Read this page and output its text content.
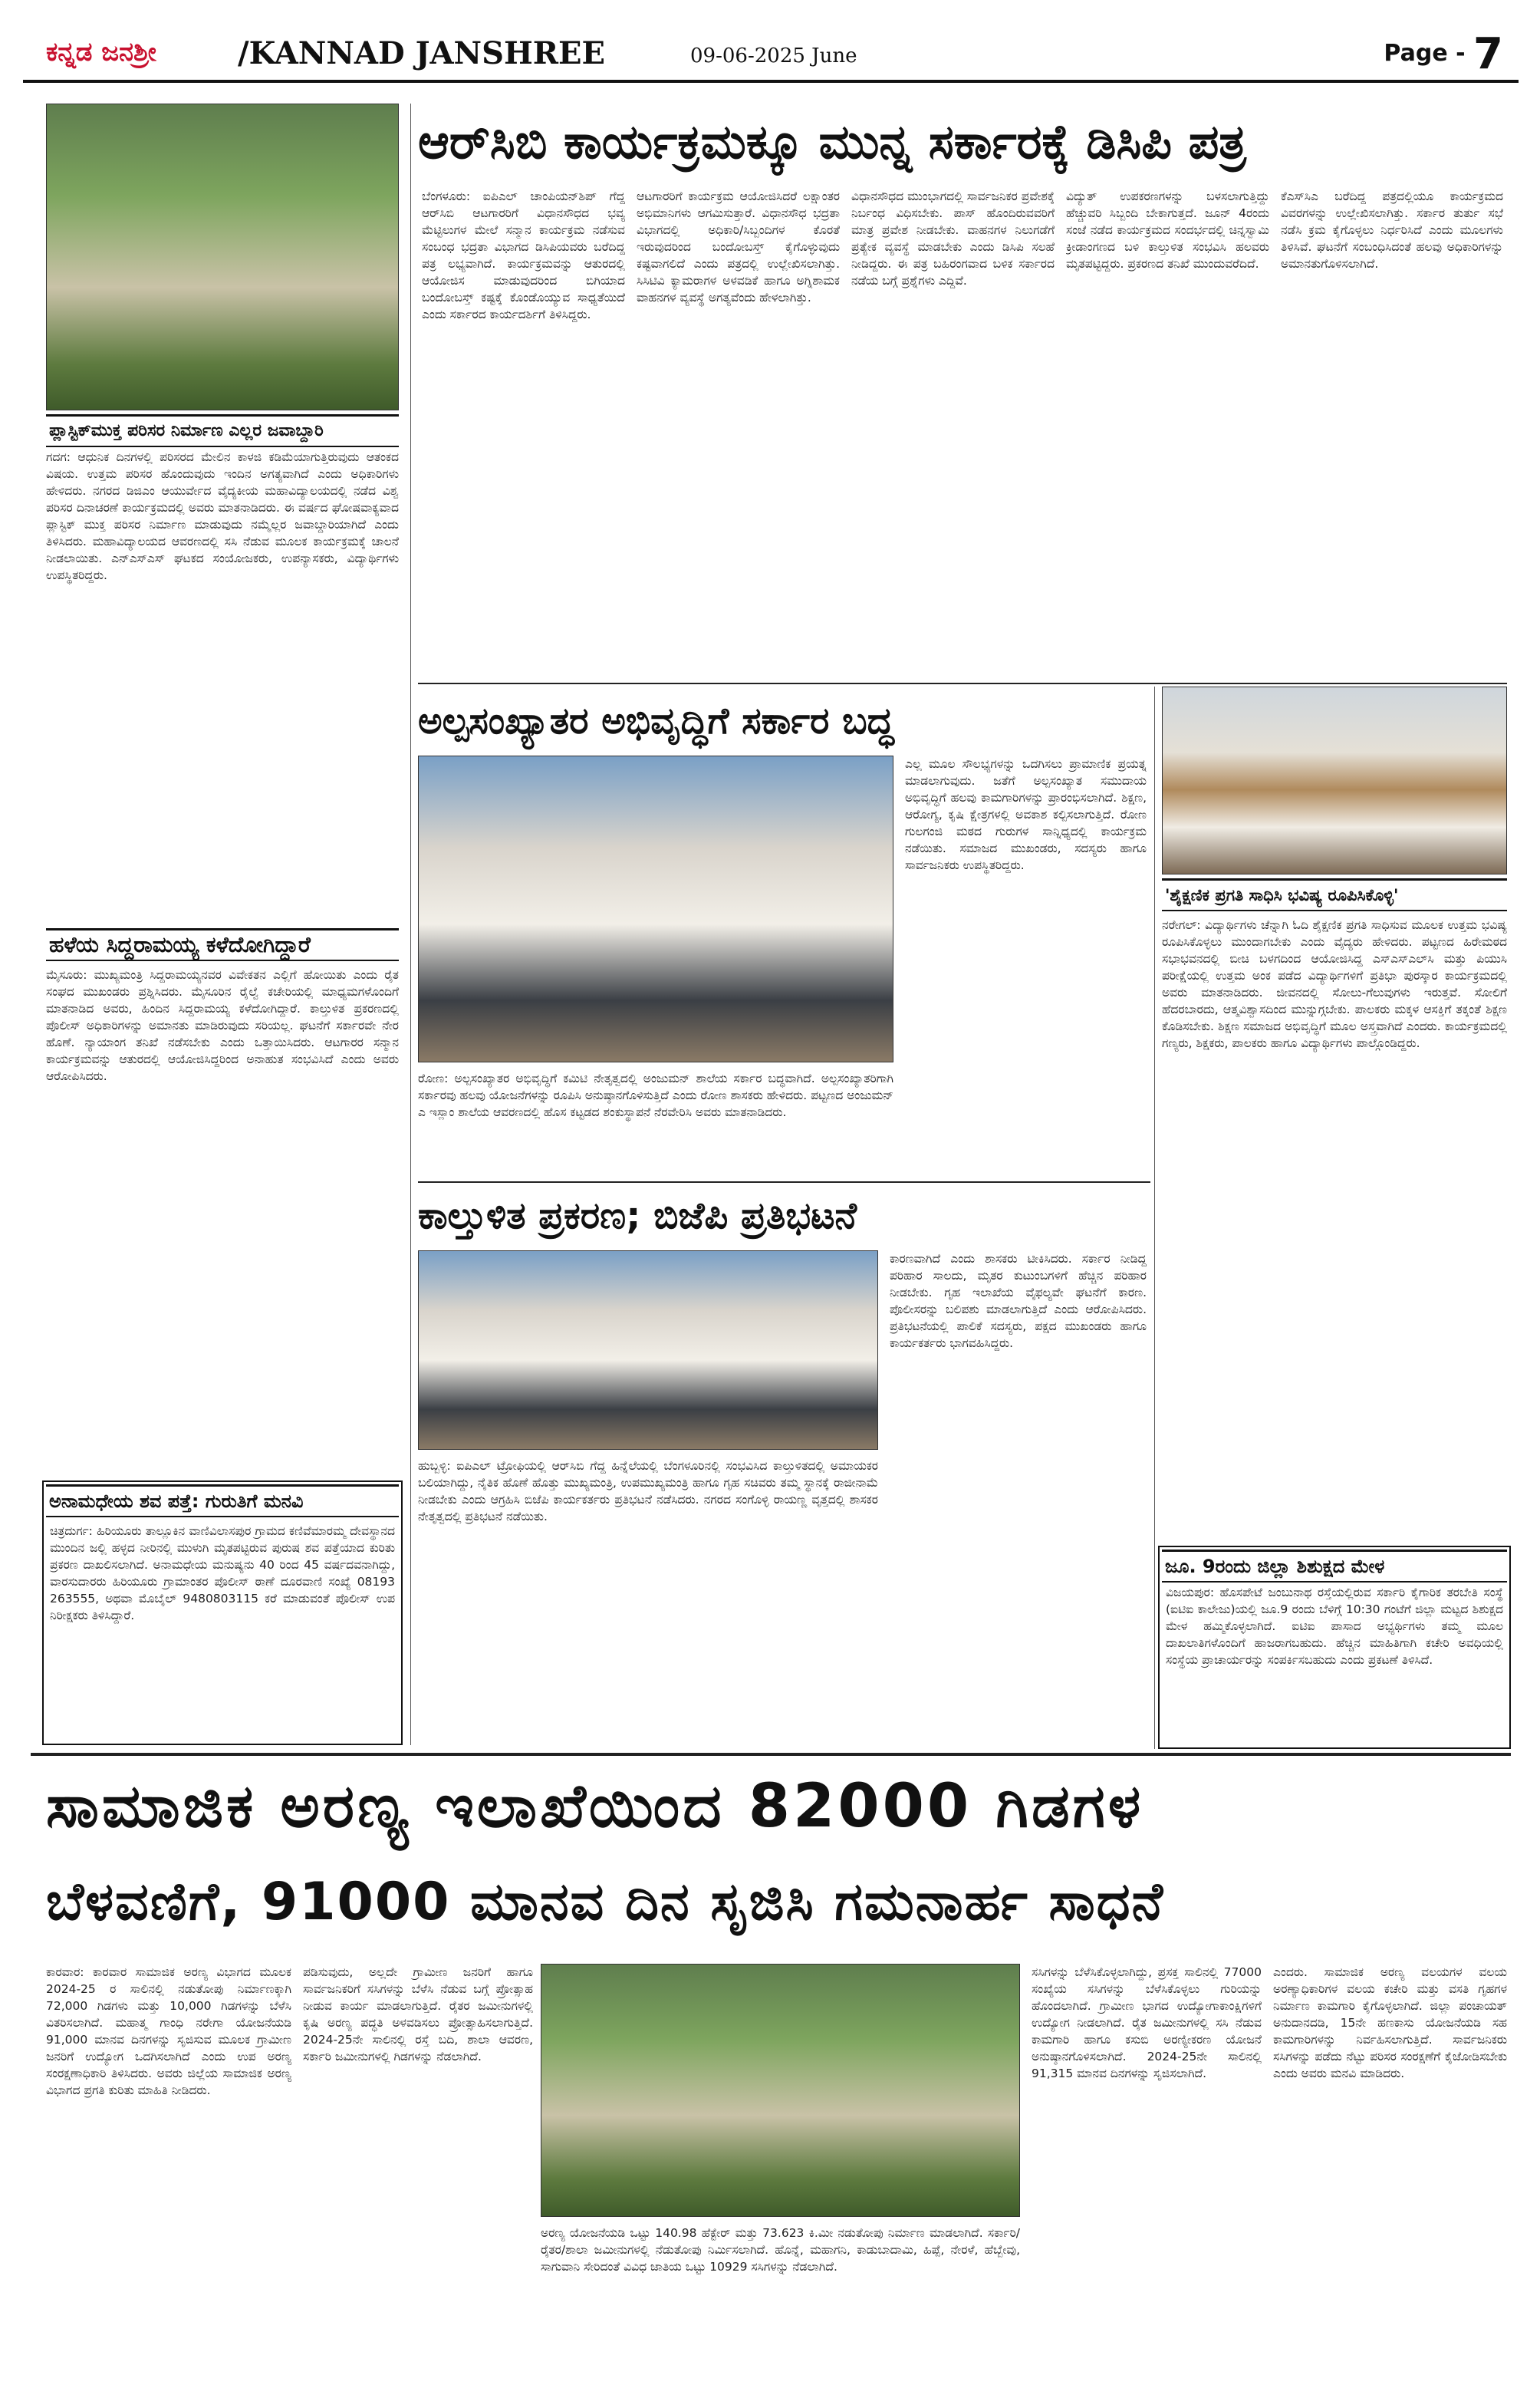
ಕನ್ನಡ ಜನಶ್ರೀ	/KANNAD JANSHREE	09-06-2025 June	Page - 7
ಪ್ಲಾಸ್ಟಿಕ್‌ಮುಕ್ತ ಪರಿಸರ ನಿರ್ಮಾಣ ಎಲ್ಲರ ಜವಾಬ್ದಾರಿ
ಗದಗ: ಆಧುನಿಕ ದಿನಗಳಲ್ಲಿ ಪರಿಸರದ ಮೇಲಿನ ಕಾಳಜಿ ಕಡಿಮೆಯಾಗುತ್ತಿರುವುದು ಆತಂಕದ ವಿಷಯ. ಉತ್ತಮ ಪರಿಸರ ಹೊಂದುವುದು ಇಂದಿನ ಅಗತ್ಯವಾಗಿದೆ ಎಂದು ಅಧಿಕಾರಿಗಳು ಹೇಳಿದರು. ನಗರದ ಡಿಜಿಎಂ ಆಯುರ್ವೇದ ವೈದ್ಯಕೀಯ ಮಹಾವಿದ್ಯಾಲಯದಲ್ಲಿ ನಡೆದ ವಿಶ್ವ ಪರಿಸರ ದಿನಾಚರಣೆ ಕಾರ್ಯಕ್ರಮದಲ್ಲಿ ಅವರು ಮಾತನಾಡಿದರು. ಈ ವರ್ಷದ ಘೋಷವಾಕ್ಯವಾದ ಪ್ಲಾಸ್ಟಿಕ್ ಮುಕ್ತ ಪರಿಸರ ನಿರ್ಮಾಣ ಮಾಡುವುದು ನಮ್ಮೆಲ್ಲರ ಜವಾಬ್ದಾರಿಯಾಗಿದೆ ಎಂದು ತಿಳಿಸಿದರು. ಮಹಾವಿದ್ಯಾಲಯದ ಆವರಣದಲ್ಲಿ ಸಸಿ ನೆಡುವ ಮೂಲಕ ಕಾರ್ಯಕ್ರಮಕ್ಕೆ ಚಾಲನೆ ನೀಡಲಾಯಿತು. ಎನ್‌ಎಸ್‌ಎಸ್ ಘಟಕದ ಸಂಯೋಜಕರು, ಉಪನ್ಯಾಸಕರು, ವಿದ್ಯಾರ್ಥಿಗಳು ಉಪಸ್ಥಿತರಿದ್ದರು.
ಹಳೆಯ ಸಿದ್ದರಾಮಯ್ಯ ಕಳೆದೋಗಿದ್ದಾರೆ
ಮೈಸೂರು: ಮುಖ್ಯಮಂತ್ರಿ ಸಿದ್ದರಾಮಯ್ಯನವರ ವಿವೇಕತನ ಎಲ್ಲಿಗೆ ಹೋಯಿತು ಎಂದು ರೈತ ಸಂಘದ ಮುಖಂಡರು ಪ್ರಶ್ನಿಸಿದರು. ಮೈಸೂರಿನ ರೈಲ್ವೆ ಕಚೇರಿಯಲ್ಲಿ ಮಾಧ್ಯಮಗಳೊಂದಿಗೆ ಮಾತನಾಡಿದ ಅವರು, ಹಿಂದಿನ ಸಿದ್ದರಾಮಯ್ಯ ಕಳೆದೋಗಿದ್ದಾರೆ. ಕಾಲ್ತುಳಿತ ಪ್ರಕರಣದಲ್ಲಿ ಪೊಲೀಸ್ ಅಧಿಕಾರಿಗಳನ್ನು ಅಮಾನತು ಮಾಡಿರುವುದು ಸರಿಯಲ್ಲ. ಘಟನೆಗೆ ಸರ್ಕಾರವೇ ನೇರ ಹೊಣೆ. ನ್ಯಾಯಾಂಗ ತನಿಖೆ ನಡೆಸಬೇಕು ಎಂದು ಒತ್ತಾಯಿಸಿದರು. ಆಟಗಾರರ ಸನ್ಮಾನ ಕಾರ್ಯಕ್ರಮವನ್ನು ಆತುರದಲ್ಲಿ ಆಯೋಜಿಸಿದ್ದರಿಂದ ಅನಾಹುತ ಸಂಭವಿಸಿದೆ ಎಂದು ಅವರು ಆರೋಪಿಸಿದರು.
ಅನಾಮಧೇಯ ಶವ ಪತ್ತೆ: ಗುರುತಿಗೆ ಮನವಿ
ಚಿತ್ರದುರ್ಗ: ಹಿರಿಯೂರು ತಾಲ್ಲೂಕಿನ ವಾಣಿವಿಲಾಸಪುರ ಗ್ರಾಮದ ಕಣಿವೆಮಾರಮ್ಮ ದೇವಸ್ಥಾನದ ಮುಂದಿನ ಜಲ್ಲಿ ಹಳ್ಳದ ನೀರಿನಲ್ಲಿ ಮುಳುಗಿ ಮೃತಪಟ್ಟಿರುವ ಪುರುಷ ಶವ ಪತ್ತೆಯಾದ ಕುರಿತು ಪ್ರಕರಣ ದಾಖಲಿಸಲಾಗಿದೆ. ಅನಾಮಧೇಯ ಮನುಷ್ಯನು 40 ರಿಂದ 45 ವರ್ಷದವನಾಗಿದ್ದು, ವಾರಸುದಾರರು ಹಿರಿಯೂರು ಗ್ರಾಮಾಂತರ ಪೊಲೀಸ್ ಠಾಣೆ ದೂರವಾಣಿ ಸಂಖ್ಯೆ 08193 263555, ಅಥವಾ ಮೊಬೈಲ್ 9480803115 ಕರೆ ಮಾಡುವಂತೆ ಪೊಲೀಸ್ ಉಪ ನಿರೀಕ್ಷಕರು ತಿಳಿಸಿದ್ದಾರೆ.
ಆರ್‌ಸಿಬಿ ಕಾರ್ಯಕ್ರಮಕ್ಕೂ ಮುನ್ನ ಸರ್ಕಾರಕ್ಕೆ ಡಿಸಿಪಿ ಪತ್ರ
ಬೆಂಗಳೂರು: ಐಪಿಎಲ್ ಚಾಂಪಿಯನ್‌ಶಿಪ್ ಗೆದ್ದ ಆರ್‌ಸಿಬಿ ಆಟಗಾರರಿಗೆ ವಿಧಾನಸೌಧದ ಭವ್ಯ ಮೆಟ್ಟಿಲುಗಳ ಮೇಲೆ ಸನ್ಮಾನ ಕಾರ್ಯಕ್ರಮ ನಡೆಸುವ ಸಂಬಂಧ ಭದ್ರತಾ ವಿಭಾಗದ ಡಿಸಿಪಿಯವರು ಬರೆದಿದ್ದ ಪತ್ರ ಲಭ್ಯವಾಗಿದೆ. ಕಾರ್ಯಕ್ರಮವನ್ನು ಆತುರದಲ್ಲಿ ಆಯೋಜಿಸ ಮಾಡುವುದರಿಂದ ಬಿಗಿಯಾದ ಬಂದೋಬಸ್ತ್ ಕಷ್ಟಕ್ಕೆ ಕೊಂಡೊಯ್ಯುವ ಸಾಧ್ಯತೆಯಿದೆ ಎಂದು ಸರ್ಕಾರದ ಕಾರ್ಯದರ್ಶಿಗೆ ತಿಳಿಸಿದ್ದರು.
ಆಟಗಾರರಿಗೆ ಕಾರ್ಯಕ್ರಮ ಆಯೋಜಿಸಿದರೆ ಲಕ್ಷಾಂತರ ಅಭಿಮಾನಿಗಳು ಆಗಮಿಸುತ್ತಾರೆ. ವಿಧಾನಸೌಧ ಭದ್ರತಾ ವಿಭಾಗದಲ್ಲಿ ಅಧಿಕಾರಿ/ಸಿಬ್ಬಂದಿಗಳ ಕೊರತೆ ಇರುವುದರಿಂದ ಬಂದೋಬಸ್ತ್ ಕೈಗೊಳ್ಳುವುದು ಕಷ್ಟವಾಗಲಿದೆ ಎಂದು ಪತ್ರದಲ್ಲಿ ಉಲ್ಲೇಖಿಸಲಾಗಿತ್ತು. ಸಿಸಿಟಿವಿ ಕ್ಯಾಮರಾಗಳ ಅಳವಡಿಕೆ ಹಾಗೂ ಅಗ್ನಿಶಾಮಕ ವಾಹನಗಳ ವ್ಯವಸ್ಥೆ ಅಗತ್ಯವೆಂದು ಹೇಳಲಾಗಿತ್ತು.
ವಿಧಾನಸೌಧದ ಮುಂಭಾಗದಲ್ಲಿ ಸಾರ್ವಜನಿಕರ ಪ್ರವೇಶಕ್ಕೆ ನಿರ್ಬಂಧ ವಿಧಿಸಬೇಕು. ಪಾಸ್ ಹೊಂದಿರುವವರಿಗೆ ಮಾತ್ರ ಪ್ರವೇಶ ನೀಡಬೇಕು. ವಾಹನಗಳ ನಿಲುಗಡೆಗೆ ಪ್ರತ್ಯೇಕ ವ್ಯವಸ್ಥೆ ಮಾಡಬೇಕು ಎಂದು ಡಿಸಿಪಿ ಸಲಹೆ ನೀಡಿದ್ದರು. ಈ ಪತ್ರ ಬಹಿರಂಗವಾದ ಬಳಿಕ ಸರ್ಕಾರದ ನಡೆಯ ಬಗ್ಗೆ ಪ್ರಶ್ನೆಗಳು ಎದ್ದಿವೆ.
ವಿದ್ಯುತ್ ಉಪಕರಣಗಳನ್ನು ಬಳಸಲಾಗುತ್ತಿದ್ದು ಹೆಚ್ಚುವರಿ ಸಿಬ್ಬಂದಿ ಬೇಕಾಗುತ್ತದೆ. ಜೂನ್ 4ರಂದು ಸಂಜೆ ನಡೆದ ಕಾರ್ಯಕ್ರಮದ ಸಂದರ್ಭದಲ್ಲಿ ಚಿನ್ನಸ್ವಾಮಿ ಕ್ರೀಡಾಂಗಣದ ಬಳಿ ಕಾಲ್ತುಳಿತ ಸಂಭವಿಸಿ ಹಲವರು ಮೃತಪಟ್ಟಿದ್ದರು. ಪ್ರಕರಣದ ತನಿಖೆ ಮುಂದುವರೆದಿದೆ.
ಕೆಎಸ್‌ಸಿಎ ಬರೆದಿದ್ದ ಪತ್ರದಲ್ಲಿಯೂ ಕಾರ್ಯಕ್ರಮದ ವಿವರಗಳನ್ನು ಉಲ್ಲೇಖಿಸಲಾಗಿತ್ತು. ಸರ್ಕಾರ ತುರ್ತು ಸಭೆ ನಡೆಸಿ ಕ್ರಮ ಕೈಗೊಳ್ಳಲು ನಿರ್ಧರಿಸಿದೆ ಎಂದು ಮೂಲಗಳು ತಿಳಿಸಿವೆ. ಘಟನೆಗೆ ಸಂಬಂಧಿಸಿದಂತೆ ಹಲವು ಅಧಿಕಾರಿಗಳನ್ನು ಅಮಾನತುಗೊಳಿಸಲಾಗಿದೆ.
ಅಲ್ಪಸಂಖ್ಯಾತರ ಅಭಿವೃದ್ಧಿಗೆ ಸರ್ಕಾರ ಬದ್ಧ
ರೋಣ: ಅಲ್ಪಸಂಖ್ಯಾತರ ಅಭಿವೃದ್ಧಿಗೆ ಕಮಿಟಿ ನೇತೃತ್ವದಲ್ಲಿ ಅಂಜುಮನ್ ಶಾಲೆಯ ಸರ್ಕಾರ ಬದ್ಧವಾಗಿದೆ. ಅಲ್ಪಸಂಖ್ಯಾತರಿಗಾಗಿ ಸರ್ಕಾರವು ಹಲವು ಯೋಜನೆಗಳನ್ನು ರೂಪಿಸಿ ಅನುಷ್ಠಾನಗೊಳಿಸುತ್ತಿದೆ ಎಂದು ರೋಣ ಶಾಸಕರು ಹೇಳಿದರು. ಪಟ್ಟಣದ ಅಂಜುಮನ್ ಎ ಇಸ್ಲಾಂ ಶಾಲೆಯ ಆವರಣದಲ್ಲಿ ಹೊಸ ಕಟ್ಟಡದ ಶಂಕುಸ್ಥಾಪನೆ ನೆರವೇರಿಸಿ ಅವರು ಮಾತನಾಡಿದರು.
ಎಲ್ಲ ಮೂಲ ಸೌಲಭ್ಯಗಳನ್ನು ಒದಗಿಸಲು ಪ್ರಾಮಾಣಿಕ ಪ್ರಯತ್ನ ಮಾಡಲಾಗುವುದು. ಜತೆಗೆ ಅಲ್ಪಸಂಖ್ಯಾತ ಸಮುದಾಯ ಅಭಿವೃದ್ಧಿಗೆ ಹಲವು ಕಾಮಗಾರಿಗಳನ್ನು ಪ್ರಾರಂಭಿಸಲಾಗಿದೆ. ಶಿಕ್ಷಣ, ಆರೋಗ್ಯ, ಕೃಷಿ ಕ್ಷೇತ್ರಗಳಲ್ಲಿ ಅವಕಾಶ ಕಲ್ಪಿಸಲಾಗುತ್ತಿದೆ. ರೋಣ ಗುಲಗಂಜಿ ಮಠದ ಗುರುಗಳ ಸಾನ್ನಿಧ್ಯದಲ್ಲಿ ಕಾರ್ಯಕ್ರಮ ನಡೆಯಿತು. ಸಮಾಜದ ಮುಖಂಡರು, ಸದಸ್ಯರು ಹಾಗೂ ಸಾರ್ವಜನಿಕರು ಉಪಸ್ಥಿತರಿದ್ದರು.
'ಶೈಕ್ಷಣಿಕ ಪ್ರಗತಿ ಸಾಧಿಸಿ ಭವಿಷ್ಯ ರೂಪಿಸಿಕೊಳ್ಳಿ'
ನರೇಗಲ್: ವಿದ್ಯಾರ್ಥಿಗಳು ಚೆನ್ನಾಗಿ ಓದಿ ಶೈಕ್ಷಣಿಕ ಪ್ರಗತಿ ಸಾಧಿಸುವ ಮೂಲಕ ಉತ್ತಮ ಭವಿಷ್ಯ ರೂಪಿಸಿಕೊಳ್ಳಲು ಮುಂದಾಗಬೇಕು ಎಂದು ವೈದ್ಯರು ಹೇಳಿದರು. ಪಟ್ಟಣದ ಹಿರೇಮಠದ ಸಭಾಭವನದಲ್ಲಿ ಬೀಚಿ ಬಳಗದಿಂದ ಆಯೋಜಿಸಿದ್ದ ಎಸ್‌ಎಸ್‌ಎಲ್‌ಸಿ ಮತ್ತು ಪಿಯುಸಿ ಪರೀಕ್ಷೆಯಲ್ಲಿ ಉತ್ತಮ ಅಂಕ ಪಡೆದ ವಿದ್ಯಾರ್ಥಿಗಳಿಗೆ ಪ್ರತಿಭಾ ಪುರಸ್ಕಾರ ಕಾರ್ಯಕ್ರಮದಲ್ಲಿ ಅವರು ಮಾತನಾಡಿದರು. ಜೀವನದಲ್ಲಿ ಸೋಲು-ಗೆಲುವುಗಳು ಇರುತ್ತವೆ. ಸೋಲಿಗೆ ಹೆದರಬಾರದು, ಆತ್ಮವಿಶ್ವಾಸದಿಂದ ಮುನ್ನುಗ್ಗಬೇಕು. ಪಾಲಕರು ಮಕ್ಕಳ ಆಸಕ್ತಿಗೆ ತಕ್ಕಂತೆ ಶಿಕ್ಷಣ ಕೊಡಿಸಬೇಕು. ಶಿಕ್ಷಣ ಸಮಾಜದ ಅಭಿವೃದ್ಧಿಗೆ ಮೂಲ ಅಸ್ತ್ರವಾಗಿದೆ ಎಂದರು. ಕಾರ್ಯಕ್ರಮದಲ್ಲಿ ಗಣ್ಯರು, ಶಿಕ್ಷಕರು, ಪಾಲಕರು ಹಾಗೂ ವಿದ್ಯಾರ್ಥಿಗಳು ಪಾಲ್ಗೊಂಡಿದ್ದರು.
ಜೂ. 9ರಂದು ಜಿಲ್ಲಾ ಶಿಶುಕ್ಷದ ಮೇಳ
ವಿಜಯಪುರ: ಹೊಸಪೇಟೆ ಜಂಬುನಾಥ ರಸ್ತೆಯಲ್ಲಿರುವ ಸರ್ಕಾರಿ ಕೈಗಾರಿಕ ತರಬೇತಿ ಸಂಸ್ಥೆ (ಐಟಿಐ ಕಾಲೇಜು)ಯಲ್ಲಿ ಜೂ.9 ರಂದು ಬೆಳಿಗ್ಗೆ 10:30 ಗಂಟೆಗೆ ಜಿಲ್ಲಾ ಮಟ್ಟದ ಶಿಶುಕ್ಷದ ಮೇಳ ಹಮ್ಮಿಕೊಳ್ಳಲಾಗಿದೆ. ಐಟಿಐ ಪಾಸಾದ ಅಭ್ಯರ್ಥಿಗಳು ತಮ್ಮ ಮೂಲ ದಾಖಲಾತಿಗಳೊಂದಿಗೆ ಹಾಜರಾಗಬಹುದು. ಹೆಚ್ಚಿನ ಮಾಹಿತಿಗಾಗಿ ಕಚೇರಿ ಅವಧಿಯಲ್ಲಿ ಸಂಸ್ಥೆಯ ಪ್ರಾಚಾರ್ಯರನ್ನು ಸಂಪರ್ಕಿಸಬಹುದು ಎಂದು ಪ್ರಕಟಣೆ ತಿಳಿಸಿದೆ.
ಕಾಲ್ತುಳಿತ ಪ್ರಕರಣ; ಬಿಜೆಪಿ ಪ್ರತಿಭಟನೆ
ಹುಬ್ಬಳ್ಳಿ: ಐಪಿಎಲ್ ಟ್ರೋಫಿಯಲ್ಲಿ ಆರ್‌ಸಿಬಿ ಗೆದ್ದ ಹಿನ್ನೆಲೆಯಲ್ಲಿ ಬೆಂಗಳೂರಿನಲ್ಲಿ ಸಂಭವಿಸಿದ ಕಾಲ್ತುಳಿತದಲ್ಲಿ ಅಮಾಯಕರ ಬಲಿಯಾಗಿದ್ದು, ನೈತಿಕ ಹೊಣೆ ಹೊತ್ತು ಮುಖ್ಯಮಂತ್ರಿ, ಉಪಮುಖ್ಯಮಂತ್ರಿ ಹಾಗೂ ಗೃಹ ಸಚಿವರು ತಮ್ಮ ಸ್ಥಾನಕ್ಕೆ ರಾಜೀನಾಮೆ ನೀಡಬೇಕು ಎಂದು ಆಗ್ರಹಿಸಿ ಬಿಜೆಪಿ ಕಾರ್ಯಕರ್ತರು ಪ್ರತಿಭಟನೆ ನಡೆಸಿದರು. ನಗರದ ಸಂಗೊಳ್ಳಿ ರಾಯಣ್ಣ ವೃತ್ತದಲ್ಲಿ ಶಾಸಕರ ನೇತೃತ್ವದಲ್ಲಿ ಪ್ರತಿಭಟನೆ ನಡೆಯಿತು.
ಕಾರಣವಾಗಿದೆ ಎಂದು ಶಾಸಕರು ಟೀಕಿಸಿದರು. ಸರ್ಕಾರ ನೀಡಿದ್ದ ಪರಿಹಾರ ಸಾಲದು, ಮೃತರ ಕುಟುಂಬಗಳಿಗೆ ಹೆಚ್ಚಿನ ಪರಿಹಾರ ನೀಡಬೇಕು. ಗೃಹ ಇಲಾಖೆಯ ವೈಫಲ್ಯವೇ ಘಟನೆಗೆ ಕಾರಣ. ಪೊಲೀಸರನ್ನು ಬಲಿಪಶು ಮಾಡಲಾಗುತ್ತಿದೆ ಎಂದು ಆರೋಪಿಸಿದರು. ಪ್ರತಿಭಟನೆಯಲ್ಲಿ ಪಾಲಿಕೆ ಸದಸ್ಯರು, ಪಕ್ಷದ ಮುಖಂಡರು ಹಾಗೂ ಕಾರ್ಯಕರ್ತರು ಭಾಗವಹಿಸಿದ್ದರು.
ಸಾಮಾಜಿಕ ಅರಣ್ಯ ಇಲಾಖೆಯಿಂದ 82000 ಗಿಡಗಳ
ಬೆಳವಣಿಗೆ, 91000 ಮಾನವ ದಿನ ಸೃಜಿಸಿ ಗಮನಾರ್ಹ ಸಾಧನೆ
ಕಾರವಾರ: ಕಾರವಾರ ಸಾಮಾಜಿಕ ಅರಣ್ಯ ವಿಭಾಗದ ಮೂಲಕ 2024-25 ರ ಸಾಲಿನಲ್ಲಿ ನಡುತೋಪು ನಿರ್ಮಾಣಕ್ಕಾಗಿ 72,000 ಗಿಡಗಳು ಮತ್ತು 10,000 ಗಿಡಗಳನ್ನು ಬೆಳೆಸಿ ವಿತರಿಸಲಾಗಿದೆ. ಮಹಾತ್ಮ ಗಾಂಧಿ ನರೇಗಾ ಯೋಜನೆಯಡಿ 91,000 ಮಾನವ ದಿನಗಳನ್ನು ಸೃಜಿಸುವ ಮೂಲಕ ಗ್ರಾಮೀಣ ಜನರಿಗೆ ಉದ್ಯೋಗ ಒದಗಿಸಲಾಗಿದೆ ಎಂದು ಉಪ ಅರಣ್ಯ ಸಂರಕ್ಷಣಾಧಿಕಾರಿ ತಿಳಿಸಿದರು. ಅವರು ಜಿಲ್ಲೆಯ ಸಾಮಾಜಿಕ ಅರಣ್ಯ ವಿಭಾಗದ ಪ್ರಗತಿ ಕುರಿತು ಮಾಹಿತಿ ನೀಡಿದರು.
ಪಡಿಸುವುದು, ಅಲ್ಲದೇ ಗ್ರಾಮೀಣ ಜನರಿಗೆ ಹಾಗೂ ಸಾರ್ವಜನಿಕರಿಗೆ ಸಸಿಗಳನ್ನು ಬೆಳೆಸಿ ನೆಡುವ ಬಗ್ಗೆ ಪ್ರೋತ್ಸಾಹ ನೀಡುವ ಕಾರ್ಯ ಮಾಡಲಾಗುತ್ತಿದೆ. ರೈತರ ಜಮೀನುಗಳಲ್ಲಿ ಕೃಷಿ ಅರಣ್ಯ ಪದ್ಧತಿ ಅಳವಡಿಸಲು ಪ್ರೋತ್ಸಾಹಿಸಲಾಗುತ್ತಿದೆ. 2024-25ನೇ ಸಾಲಿನಲ್ಲಿ ರಸ್ತೆ ಬದಿ, ಶಾಲಾ ಆವರಣ, ಸರ್ಕಾರಿ ಜಮೀನುಗಳಲ್ಲಿ ಗಿಡಗಳನ್ನು ನೆಡಲಾಗಿದೆ.
ಅರಣ್ಯ ಯೋಜನೆಯಡಿ ಒಟ್ಟು 140.98 ಹೆಕ್ಟೇರ್ ಮತ್ತು 73.623 ಕಿ.ಮೀ ನಡುತೋಪು ನಿರ್ಮಾಣ ಮಾಡಲಾಗಿದೆ. ಸರ್ಕಾರಿ/ರೈತರ/ಶಾಲಾ ಜಮೀನುಗಳಲ್ಲಿ ನೆಡುತೋಪು ನಿರ್ಮಿಸಲಾಗಿದೆ. ಹೊನ್ನೆ, ಮಹಾಗನಿ, ಕಾಡುಬಾದಾಮಿ, ಹಿಪ್ಪೆ, ನೇರಳೆ, ಹೆಬ್ಬೇವು, ಸಾಗುವಾನಿ ಸೇರಿದಂತೆ ವಿವಿಧ ಜಾತಿಯ ಒಟ್ಟು 10929 ಸಸಿಗಳನ್ನು ನೆಡಲಾಗಿದೆ.
ಸಸಿಗಳನ್ನು ಬೆಳೆಸಿಕೊಳ್ಳಲಾಗಿದ್ದು, ಪ್ರಸಕ್ತ ಸಾಲಿನಲ್ಲಿ 77000 ಸಂಖ್ಯೆಯ ಸಸಿಗಳನ್ನು ಬೆಳೆಸಿಕೊಳ್ಳಲು ಗುರಿಯನ್ನು ಹೊಂದಲಾಗಿದೆ. ಗ್ರಾಮೀಣ ಭಾಗದ ಉದ್ಯೋಗಾಕಾಂಕ್ಷಿಗಳಿಗೆ ಉದ್ಯೋಗ ನೀಡಲಾಗಿದೆ. ರೈತ ಜಮೀನುಗಳಲ್ಲಿ ಸಸಿ ನೆಡುವ ಕಾಮಗಾರಿ ಹಾಗೂ ಕಸುಬಿ ಅರಣ್ಯೀಕರಣ ಯೋಜನೆ ಅನುಷ್ಠಾನಗೊಳಿಸಲಾಗಿದೆ. 2024-25ನೇ ಸಾಲಿನಲ್ಲಿ 91,315 ಮಾನವ ದಿನಗಳನ್ನು ಸೃಜಿಸಲಾಗಿದೆ.
ಎಂದರು. ಸಾಮಾಜಿಕ ಅರಣ್ಯ ವಲಯಗಳ ವಲಯ ಅರಣ್ಯಾಧಿಕಾರಿಗಳ ವಲಯ ಕಚೇರಿ ಮತ್ತು ವಸತಿ ಗೃಹಗಳ ನಿರ್ಮಾಣ ಕಾಮಗಾರಿ ಕೈಗೊಳ್ಳಲಾಗಿದೆ. ಜಿಲ್ಲಾ ಪಂಚಾಯತ್ ಅನುದಾನದಡಿ, 15ನೇ ಹಣಕಾಸು ಯೋಜನೆಯಡಿ ಸಹ ಕಾಮಗಾರಿಗಳನ್ನು ನಿರ್ವಹಿಸಲಾಗುತ್ತಿದೆ. ಸಾರ್ವಜನಿಕರು ಸಸಿಗಳನ್ನು ಪಡೆದು ನೆಟ್ಟು ಪರಿಸರ ಸಂರಕ್ಷಣೆಗೆ ಕೈಜೋಡಿಸಬೇಕು ಎಂದು ಅವರು ಮನವಿ ಮಾಡಿದರು.
